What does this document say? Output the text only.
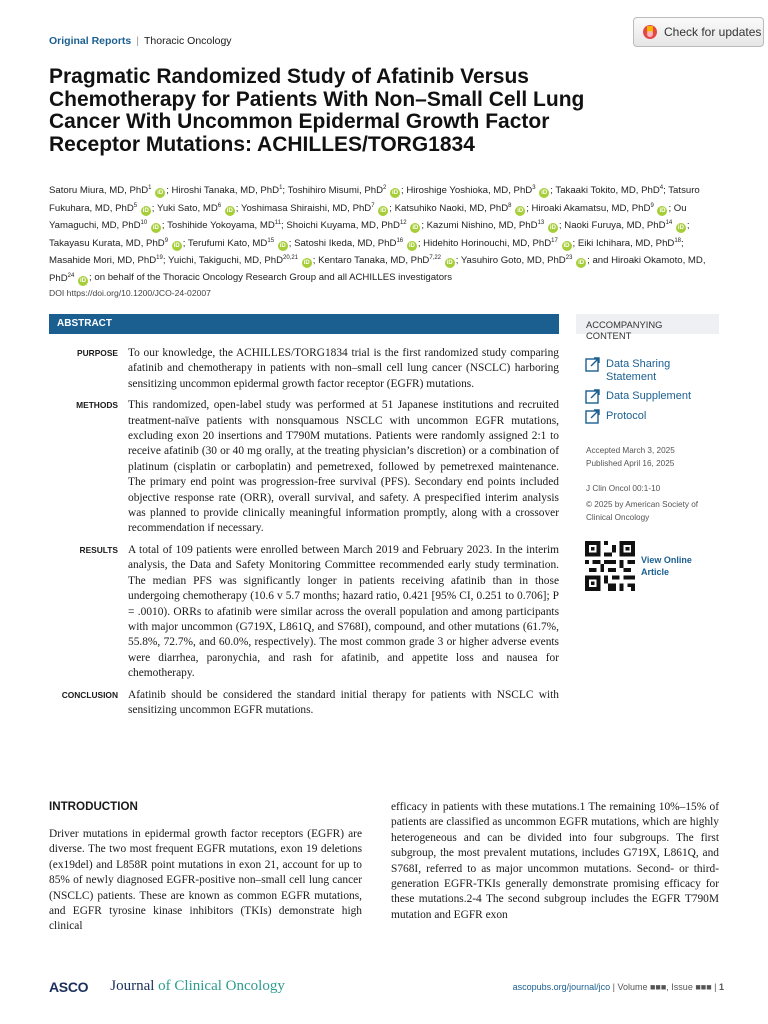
Original Reports | Thoracic Oncology
Check for updates
Pragmatic Randomized Study of Afatinib Versus Chemotherapy for Patients With Non–Small Cell Lung Cancer With Uncommon Epidermal Growth Factor Receptor Mutations: ACHILLES/TORG1834
Satoru Miura, MD, PhD$^1$ iD ; Hiroshi Tanaka, MD, PhD$^1$; Toshihiro Misumi, PhD$^2$ iD ; Hiroshige Yoshioka, MD, PhD$^3$ iD ; Takaaki Tokito, MD, PhD$^4$; Tatsuro Fukuhara, MD, PhD$^5$ iD ; Yuki Sato, $MD^6$ iD ; Yoshimasa Shiraishi, MD, PhD$^7$ iD ; Katsuhiko Naoki, MD, PhD$^8$ iD ; Hiroaki Akamatsu, MD, PhD$^9$ iD ; Ou Yamaguchi, MD, PhD$^{10}$ iD ; Toshihide Yokoyama, MD$^{11}$; Shoichi Kuyama, MD, PhD$^{12}$ iD ; Kazumi Nishino, MD, PhD$^{13}$ iD ; Naoki Furuya, MD, PhD$^{14}$ iD ; Takayasu Kurata, MD, PhD$^9$ iD ; Terufumi Kato, MD$^{15}$ iD ; Satoshi Ikeda, MD, PhD$^{16}$ iD ; Hidehito Horinouchi, MD, PhD$^{17}$ iD ; Eiki Ichihara, MD, PhD$^{18}$; Masahide Mori, MD, PhD$^{19}$; Yuichi, Takiguchi, MD, PhD$^{20,21}$ iD ; Kentaro Tanaka, MD, PhD$^{7,22}$ iD ; Yasuhiro Goto, MD, PhD$^{23}$ iD ; and Hiroaki Okamoto, MD, PhD$^{24}$ iD ; on behalf of the Thoracic Oncology Research Group and all ACHILLES investigators
DOI https://doi.org/10.1200/JCO-24-02007
ABSTRACT
PURPOSE To our knowledge, the ACHILLES/TORG1834 trial is the first randomized study comparing afatinib and chemotherapy in patients with non–small cell lung cancer (NSCLC) harboring sensitizing uncommon epidermal growth factor receptor (EGFR) mutations.
METHODS This randomized, open-label study was performed at 51 Japanese institutions and recruited treatment-naïve patients with nonsquamous NSCLC with uncommon EGFR mutations, excluding exon 20 insertions and T790M mutations. Patients were randomly assigned 2:1 to receive afatinib (30 or 40 mg orally, at the treating physician’s discretion) or a combination of platinum (cisplatin or carboplatin) and pemetrexed, followed by pemetrexed maintenance. The primary end point was progression-free survival (PFS). Secondary end points included objective response rate (ORR), overall survival, and safety. A prespecified interim analysis was planned to provide clinically meaningful information promptly, along with a crossover recommendation if necessary.
RESULTS A total of 109 patients were enrolled between March 2019 and February 2023. In the interim analysis, the Data and Safety Monitoring Committee recommended early study termination. The median PFS was significantly longer in patients receiving afatinib than in those undergoing chemotherapy (10.6 v 5.7 months; hazard ratio, 0.421 [95% CI, 0.251 to 0.706]; P = .0010). ORRs to afatinib were similar across the overall population and among participants with major uncommon (G719X, L861Q, and S768I), compound, and other mutations (61.7%, 55.8%, 72.7%, and 60.0%, respectively). The most common grade 3 or higher adverse events were diarrhea, paronychia, and rash for afatinib, and appetite loss and nausea for chemotherapy.
CONCLUSION Afatinib should be considered the standard initial therapy for patients with NSCLC with sensitizing uncommon EGFR mutations.
ACCOMPANYING CONTENT
Data Sharing Statement
Data Supplement
Protocol
Accepted March 3, 2025
Published April 16, 2025
J Clin Oncol 00:1-10
© 2025 by American Society of Clinical Oncology
View Online Article
INTRODUCTION
Driver mutations in epidermal growth factor receptors (EGFR) are diverse. The two most frequent EGFR mutations, exon 19 deletions (ex19del) and L858R point mutations in exon 21, account for up to 85% of newly diagnosed EGFR-positive non–small cell lung cancer (NSCLC) patients. These are known as common EGFR mutations, and EGFR tyrosine kinase inhibitors (TKIs) demonstrate high clinical
efficacy in patients with these mutations.1 The remaining 10%–15% of patients are classified as uncommon EGFR mutations, which are highly heterogeneous and can be divided into four subgroups. The first subgroup, the most prevalent mutations, includes G719X, L861Q, and S768I, referred to as major uncommon mutations. Second- or third-generation EGFR-TKIs generally demonstrate promising efficacy for these mutations.2-4 The second subgroup includes the EGFR T790M mutation and EGFR exon
ASCO Journal of Clinical Oncology	ascopubs.org/journal/jco | Volume ■■■, Issue ■■■ | 1
